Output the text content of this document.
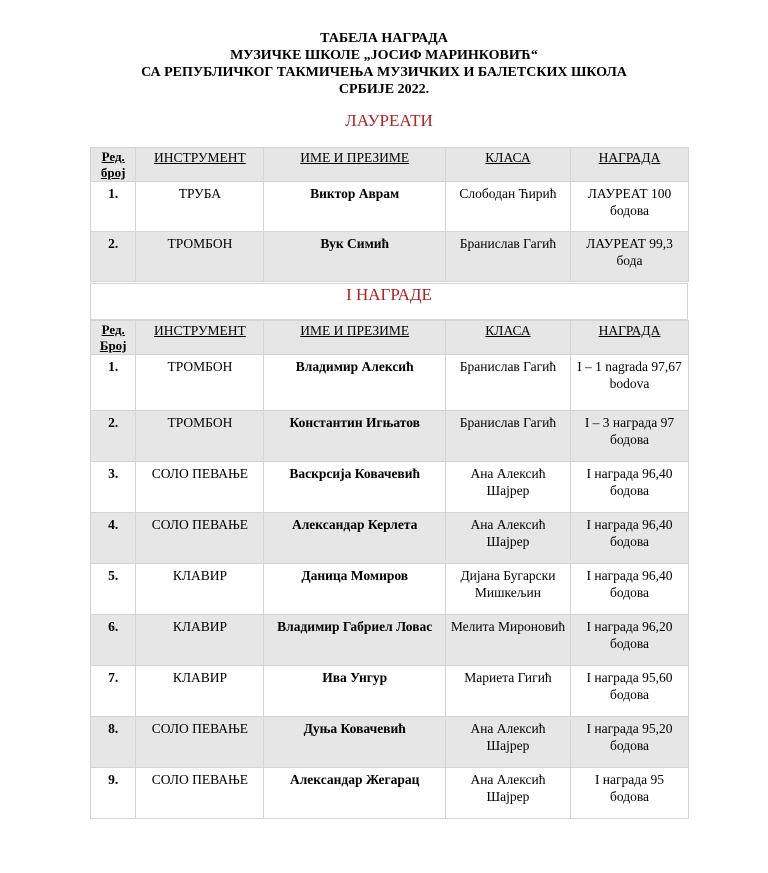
ТАБЕЛА НАГРАДА
МУЗИЧКЕ ШКОЛЕ „ЈОСИФ МАРИНКОВИЋ“
СА РЕПУБЛИЧКОГ ТАКМИЧЕЊА МУЗИЧКИХ И БАЛЕТСКИХ ШКОЛА
СРБИЈЕ 2022.
ЛАУРЕАТИ
Ред. број	ИНСТРУМЕНТ	ИМЕ И ПРЕЗИМЕ	КЛАСА	НАГРАДА
1.	ТРУБА	Виктор Аврам	Слободан Ћирић	ЛАУРЕАТ 100 бодова
2.	ТРОМБОН	Вук Симић	Бранислав Гагић	ЛАУРЕАТ 99,3 бода
I НАГРАДЕ
Ред. Број	ИНСТРУМЕНТ	ИМЕ И ПРЕЗИМЕ	КЛАСА	НАГРАДА
1.	ТРОМБОН	Владимир Алексић	Бранислав Гагић	I – 1 nagrada 97,67 bodova
2.	ТРОМБОН	Константин Игњатов	Бранислав Гагић	I – 3 награда 97 бодова
3.	СОЛО ПЕВАЊЕ	Васкрсија Ковачевић	Ана Алексић Шајрер	I награда 96,40 бодова
4.	СОЛО ПЕВАЊЕ	Александар Керлета	Ана Алексић Шајрер	I награда 96,40 бодова
5.	КЛАВИР	Даница Момиров	Дијана Бугарски Мишкељин	I награда 96,40 бодова
6.	КЛАВИР	Владимир Габриел Ловас	Мелита Мироновић	I награда 96,20 бодова
7.	КЛАВИР	Ива Унгур	Мариета Гигић	I награда 95,60 бодова
8.	СОЛО ПЕВАЊЕ	Дуња Ковачевић	Ана Алексић Шајрер	I награда 95,20 бодова
9.	СОЛО ПЕВАЊЕ	Александар Жегарац	Ана Алексић Шајрер	I награда 95 бодова
